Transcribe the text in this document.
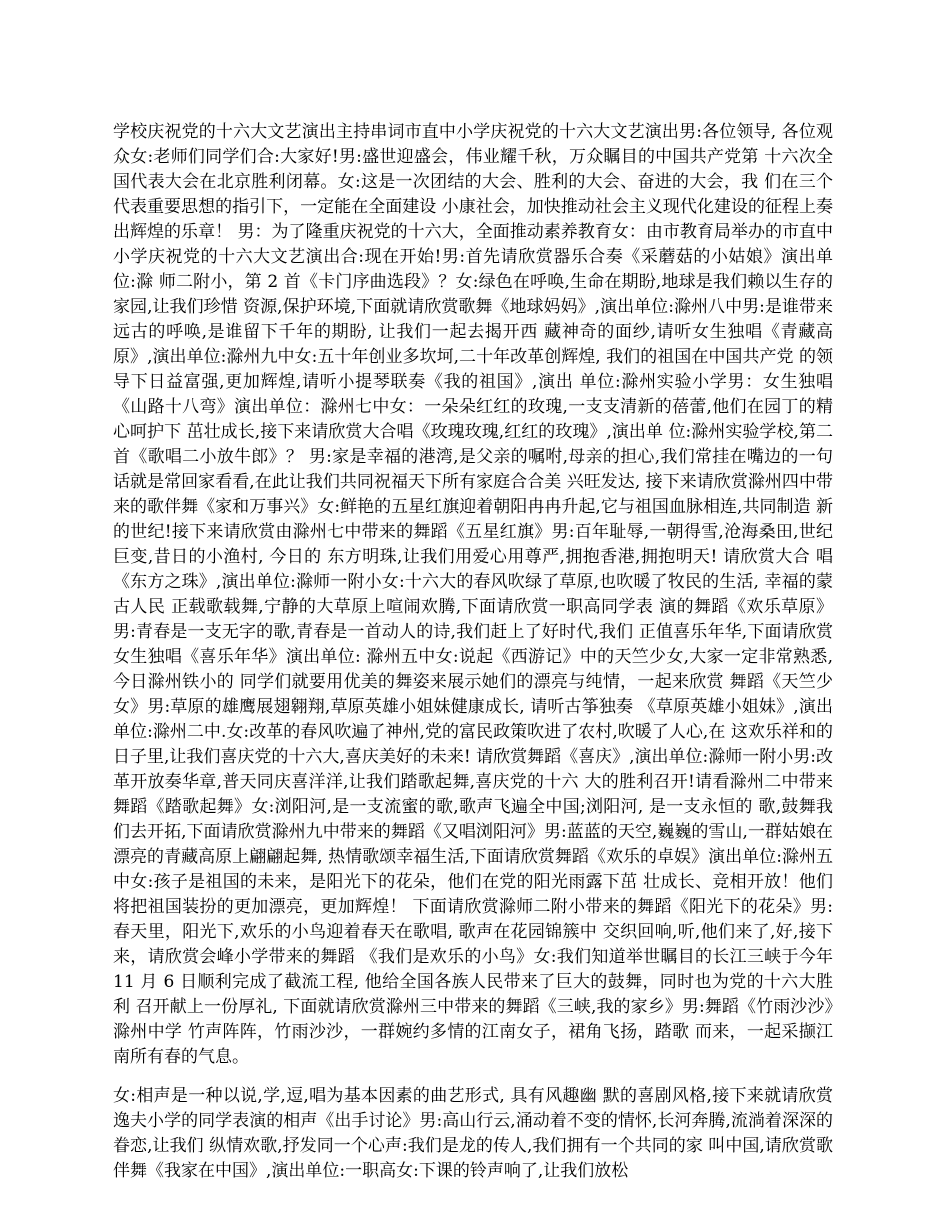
学校庆祝党的十六大文艺演出主持串词市直中小学庆祝党的十六大文艺演出男:各位领导, 各位观众女:老师们同学们合:大家好!男:盛世迎盛会，伟业耀千秋，万众瞩目的中国共产党第 十六次全国代表大会在北京胜利闭幕。女:这是一次团结的大会、胜利的大会、奋进的大会，我 们在三个代表重要思想的指引下，一定能在全面建设 小康社会，加快推动社会主义现代化建设的征程上奏 出辉煌的乐章！ 男：为了隆重庆祝党的十六大，全面推动素养教育女：由市教育局举办的市直中小学庆祝党的十六大文艺演出合:现在开始!男:首先请欣赏器乐合奏《采蘑菇的小姑娘》演出单位:滁 师二附小，第 2 首《卡门序曲选段》？女:绿色在呼唤,生命在期盼,地球是我们赖以生存的家园,让我们珍惜 资源,保护环境,下面就请欣赏歌舞《地球妈妈》,演出单位:滁州八中男:是谁带来远古的呼唤,是谁留下千年的期盼, 让我们一起去揭开西 藏神奇的面纱,请听女生独唱《青藏高原》,演出单位:滁州九中女:五十年创业多坎坷,二十年改革创辉煌, 我们的祖国在中国共产党 的领导下日益富强,更加辉煌,请听小提琴联奏《我的祖国》,演出 单位:滁州实验小学男：女生独唱《山路十八弯》演出单位：滁州七中女：一朵朵红红的玫瑰,一支支清新的蓓蕾,他们在园丁的精心呵护下 茁壮成长,接下来请欣赏大合唱《玫瑰玫瑰,红红的玫瑰》,演出单 位:滁州实验学校,第二首《歌唱二小放牛郎》？ 男:家是幸福的港湾,是父亲的嘱咐,母亲的担心,我们常挂在嘴边的一句话就是常回家看看,在此让我们共同祝福天下所有家庭合合美 兴旺发达, 接下来请欣赏滁州四中带来的歌伴舞《家和万事兴》女:鲜艳的五星红旗迎着朝阳冉冉升起,它与祖国血脉相连,共同制造 新的世纪!接下来请欣赏由滁州七中带来的舞蹈《五星红旗》男:百年耻辱,一朝得雪,沧海桑田,世纪巨变,昔日的小渔村, 今日的 东方明珠,让我们用爱心用尊严,拥抱香港,拥抱明天! 请欣赏大合 唱《东方之珠》,演出单位:滁师一附小女:十六大的春风吹绿了草原,也吹暖了牧民的生活, 幸福的蒙古人民 正载歌载舞,宁静的大草原上喧闹欢腾,下面请欣赏一职高同学表 演的舞蹈《欢乐草原》男:青春是一支无字的歌,青春是一首动人的诗,我们赶上了好时代,我们 正值喜乐年华,下面请欣赏女生独唱《喜乐年华》演出单位: 滁州五中女:说起《西游记》中的天竺少女,大家一定非常熟悉, 今日滁州铁小的 同学们就要用优美的舞姿来展示她们的漂亮与纯情，一起来欣赏 舞蹈《天竺少女》男:草原的雄鹰展翅翱翔,草原英雄小姐妹健康成长, 请听古筝独奏 《草原英雄小姐妹》,演出单位:滁州二中.女:改革的春风吹遍了神州,党的富民政策吹进了农村,吹暖了人心,在 这欢乐祥和的日子里,让我们喜庆党的十六大,喜庆美好的未来! 请欣赏舞蹈《喜庆》,演出单位:滁师一附小男:改革开放奏华章,普天同庆喜洋洋,让我们踏歌起舞,喜庆党的十六 大的胜利召开!请看滁州二中带来舞蹈《踏歌起舞》女:浏阳河,是一支流蜜的歌,歌声飞遍全中国;浏阳河, 是一支永恒的 歌,鼓舞我们去开拓,下面请欣赏滁州九中带来的舞蹈《又唱浏阳河》男:蓝蓝的天空,巍巍的雪山,一群姑娘在漂亮的青藏高原上翩翩起舞, 热情歌颂幸福生活,下面请欣赏舞蹈《欢乐的卓娱》演出单位:滁州五中女:孩子是祖国的未来，是阳光下的花朵，他们在党的阳光雨露下茁 壮成长、竞相开放！他们将把祖国装扮的更加漂亮，更加辉煌！ 下面请欣赏滁师二附小带来的舞蹈《阳光下的花朵》男:春天里，阳光下,欢乐的小鸟迎着春天在歌唱, 歌声在花园锦簇中 交织回响,听,他们来了,好,接下来，请欣赏会峰小学带来的舞蹈 《我们是欢乐的小鸟》女:我们知道举世瞩目的长江三峡于今年 11 月 6 日顺利完成了截流工程, 他给全国各族人民带来了巨大的鼓舞，同时也为党的十六大胜利 召开献上一份厚礼, 下面就请欣赏滁州三中带来的舞蹈《三峡,我的家乡》男:舞蹈《竹雨沙沙》滁州中学 竹声阵阵，竹雨沙沙，一群婉约多情的江南女子，裙角飞扬，踏歌 而来，一起采撷江南所有春的气息。

女:相声是一种以说,学,逗,唱为基本因素的曲艺形式, 具有风趣幽 默的喜剧风格,接下来就请欣赏逸夫小学的同学表演的相声《出手讨论》男:高山行云,涌动着不变的情怀,长河奔腾,流淌着深深的眷恋,让我们 纵情欢歌,抒发同一个心声:我们是龙的传人,我们拥有一个共同的家 叫中国,请欣赏歌伴舞《我家在中国》,演出单位:一职高女:下课的铃声响了,让我们放松
